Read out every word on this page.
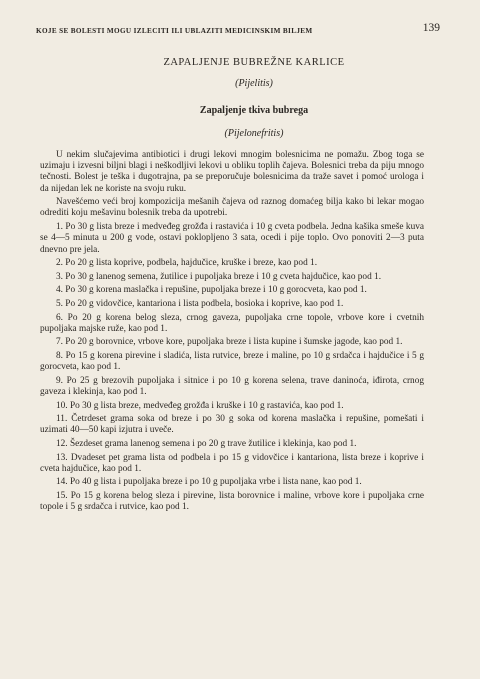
KOJE SE BOLESTI MOGU IZLECITI ILI UBLAZITI MEDICINSKIM BILJEM	139
ZAPALJENJE BUBREŽNE KARLICE
(Pijelitis)
Zapaljenje tkiva bubrega
(Pijelonefritis)

U nekim slučajevima antibiotici i drugi lekovi mnogim bolesnicima ne pomažu. Zbog toga se uzimaju i izvesni biljni blagi i neškodljivi lekovi u obliku toplih čajeva. Bolesnici treba da piju mnogo tečnosti. Bolest je teška i dugotrajna, pa se preporučuje bolesnicima da traže savet i pomoć urologa i da nijedan lek ne koriste na svoju ruku.

Navešćemo veći broj kompozicija mešanih čajeva od raznog domaćeg bilja kako bi lekar mogao odrediti koju mešavinu bolesnik treba da upotrebi.

1. Po 30 g lista breze i medveđeg grožđa i rastavića i 10 g cveta podbela. Jedna kašika smeše kuva se 4—5 minuta u 200 g vode, ostavi poklopljeno 3 sata, ocedi i pije toplo. Ovo ponoviti 2—3 puta dnevno pre jela.
2. Po 20 g lista koprive, podbela, hajdučice, kruške i breze, kao pod 1.
3. Po 30 g lanenog semena, žutilice i pupoljaka breze i 10 g cveta hajdučice, kao pod 1.
4. Po 30 g korena maslačka i repušine, pupoljaka breze i 10 g gorocveta, kao pod 1.
5. Po 20 g vidovčice, kantariona i lista podbela, bosioka i koprive, kao pod 1.
6. Po 20 g korena belog sleza, crnog gaveza, pupoljaka crne topole, vrbove kore i cvetnih pupoljaka majske ruže, kao pod 1.
7. Po 20 g borovnice, vrbove kore, pupoljaka breze i lista kupine i šumske jagode, kao pod 1.
8. Po 15 g korena pirevine i sladića, lista rutvice, breze i maline, po 10 g srdačca i hajdučice i 5 g gorocveta, kao pod 1.
9. Po 25 g brezovih pupoljaka i sitnice i po 10 g korena selena, trave daninoća, iđirota, crnog gaveza i klekinja, kao pod 1.
10. Po 30 g lista breze, medveđeg grožđa i kruške i 10 g rastavića, kao pod 1.
11. Četrdeset grama soka od breze i po 30 g soka od korena maslačka i repušine, pomešati i uzimati 40—50 kapi izjutra i uveče.
12. Šezdeset grama lanenog semena i po 20 g trave žutilice i klekinja, kao pod 1.
13. Dvadeset pet grama lista od podbela i po 15 g vidovčice i kantariona, lista breze i koprive i cveta hajdučice, kao pod 1.
14. Po 40 g lista i pupoljaka breze i po 10 g pupoljaka vrbe i lista nane, kao pod 1.
15. Po 15 g korena belog sleza i pirevine, lista borovnice i maline, vrbove kore i pupoljaka crne topole i 5 g srdačca i rutvice, kao pod 1.
